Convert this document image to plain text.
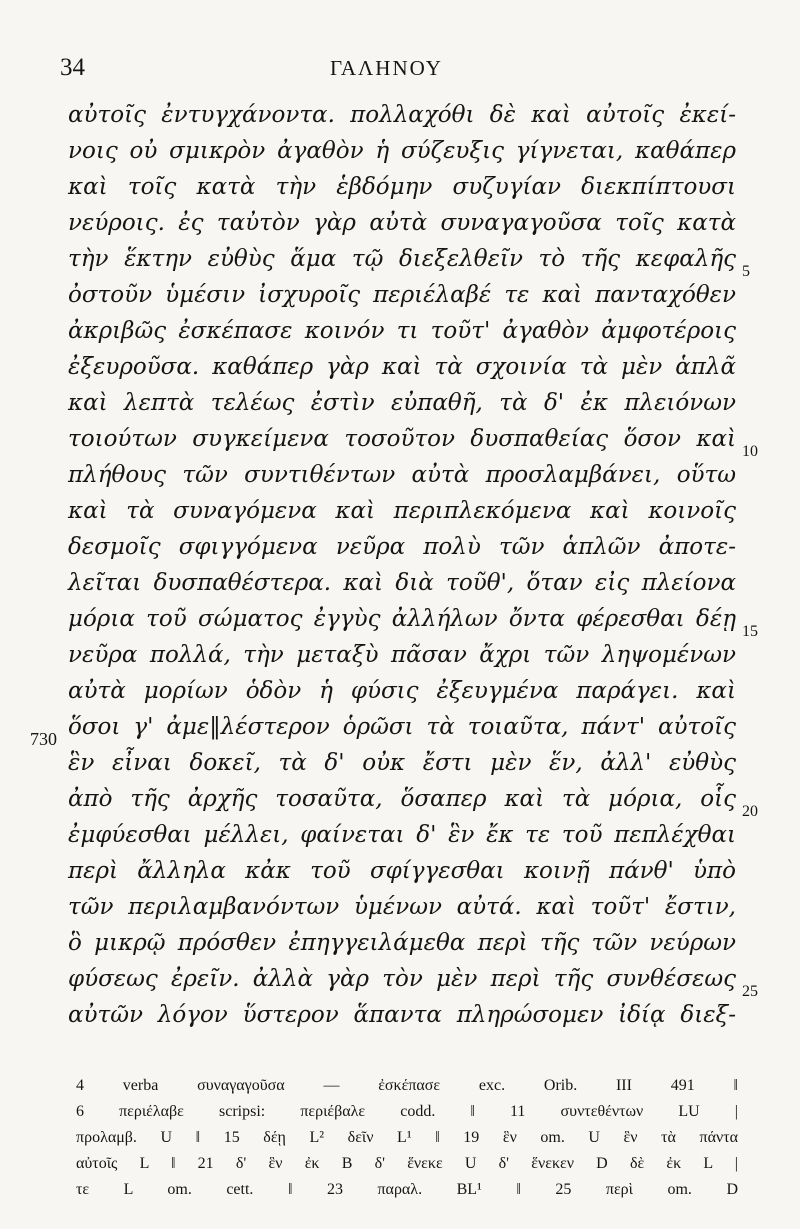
34	ΓΑΛΗΝΟΥ
αὐτοῖς ἐντυγχάνοντα. πολλαχόθι δὲ καὶ αὐτοῖς ἐκεί-
νοις οὐ σμικρὸν ἀγαθὸν ἡ σύζευξις γίγνεται, καθάπερ
καὶ τοῖς κατὰ τὴν ἑβδόμην συζυγίαν διεκπίπτουσι
νεύροις. ἐς ταὐτὸν γὰρ αὐτὰ συναγαγοῦσα τοῖς κατὰ
τὴν ἕκτην εὐθὺς ἅμα τῷ διεξελθεῖν τὸ τῆς κεφαλῆς
ὀστοῦν ὑμέσιν ἰσχυροῖς περιέλαβέ τε καὶ πανταχόθεν
ἀκριβῶς ἐσκέπασε κοινόν τι τοῦτ' ἀγαθὸν ἀμφοτέροις
ἐξευροῦσα. καθάπερ γὰρ καὶ τὰ σχοινία τὰ μὲν ἁπλᾶ
καὶ λεπτὰ τελέως ἐστὶν εὐπαθῆ, τὰ δ' ἐκ πλειόνων
τοιούτων συγκείμενα τοσοῦτον δυσπαθείας ὅσον καὶ
πλήθους τῶν συντιθέντων αὐτὰ προσλαμβάνει, οὕτω
καὶ τὰ συναγόμενα καὶ περιπλεκόμενα καὶ κοινοῖς
δεσμοῖς σφιγγόμενα νεῦρα πολὺ τῶν ἁπλῶν ἀποτε-
λεῖται δυσπαθέστερα. καὶ διὰ τοῦθ', ὅταν εἰς πλείονα
μόρια τοῦ σώματος ἐγγὺς ἀλλήλων ὄντα φέρεσθαι δέῃ
νεῦρα πολλά, τὴν μεταξὺ πᾶσαν ἄχρι τῶν ληψομένων
αὐτὰ μορίων ὁδὸν ἡ φύσις ἐξευγμένα παράγει. καὶ
ὅσοι γ' ἀμε‖λέστερον ὁρῶσι τὰ τοιαῦτα, πάντ' αὐτοῖς
ἓν εἶναι δοκεῖ, τὰ δ' οὐκ ἔστι μὲν ἕν, ἀλλ' εὐθὺς
ἀπὸ τῆς ἀρχῆς τοσαῦτα, ὅσαπερ καὶ τὰ μόρια, οἷς
ἐμφύεσθαι μέλλει, φαίνεται δ' ἓν ἔκ τε τοῦ πεπλέχθαι
περὶ ἄλληλα κἀκ τοῦ σφίγγεσθαι κοινῇ πάνθ' ὑπὸ
τῶν περιλαμβανόντων ὑμένων αὐτά. καὶ τοῦτ' ἔστιν,
ὃ μικρῷ πρόσθεν ἐπηγγειλάμεθα περὶ τῆς τῶν νεύρων
φύσεως ἐρεῖν. ἀλλὰ γὰρ τὸν μὲν περὶ τῆς συνθέσεως
αὐτῶν λόγον ὕστερον ἅπαντα πληρώσομεν ἰδίᾳ διεξ-
5
10
15
20
25
730
4 verba συναγαγοῦσα — ἐσκέπασε exc. Orib. III 491 ‖
6 περιέλαβε scripsi: περιέβαλε codd. ‖ 11 συντεθέντων LU |
προλαμβ. U ‖ 15 δέῃ L² δεῖν L¹ ‖ 19 ἓν om. U ἓν τὰ πάντα
αὐτοῖς L ‖ 21 δ' ἓν ἐκ B δ' ἕνεκε U δ' ἕνεκεν D δὲ ἐκ L |
τε L om. cett. ‖ 23 παραλ. BL¹ ‖ 25 περὶ om. D
